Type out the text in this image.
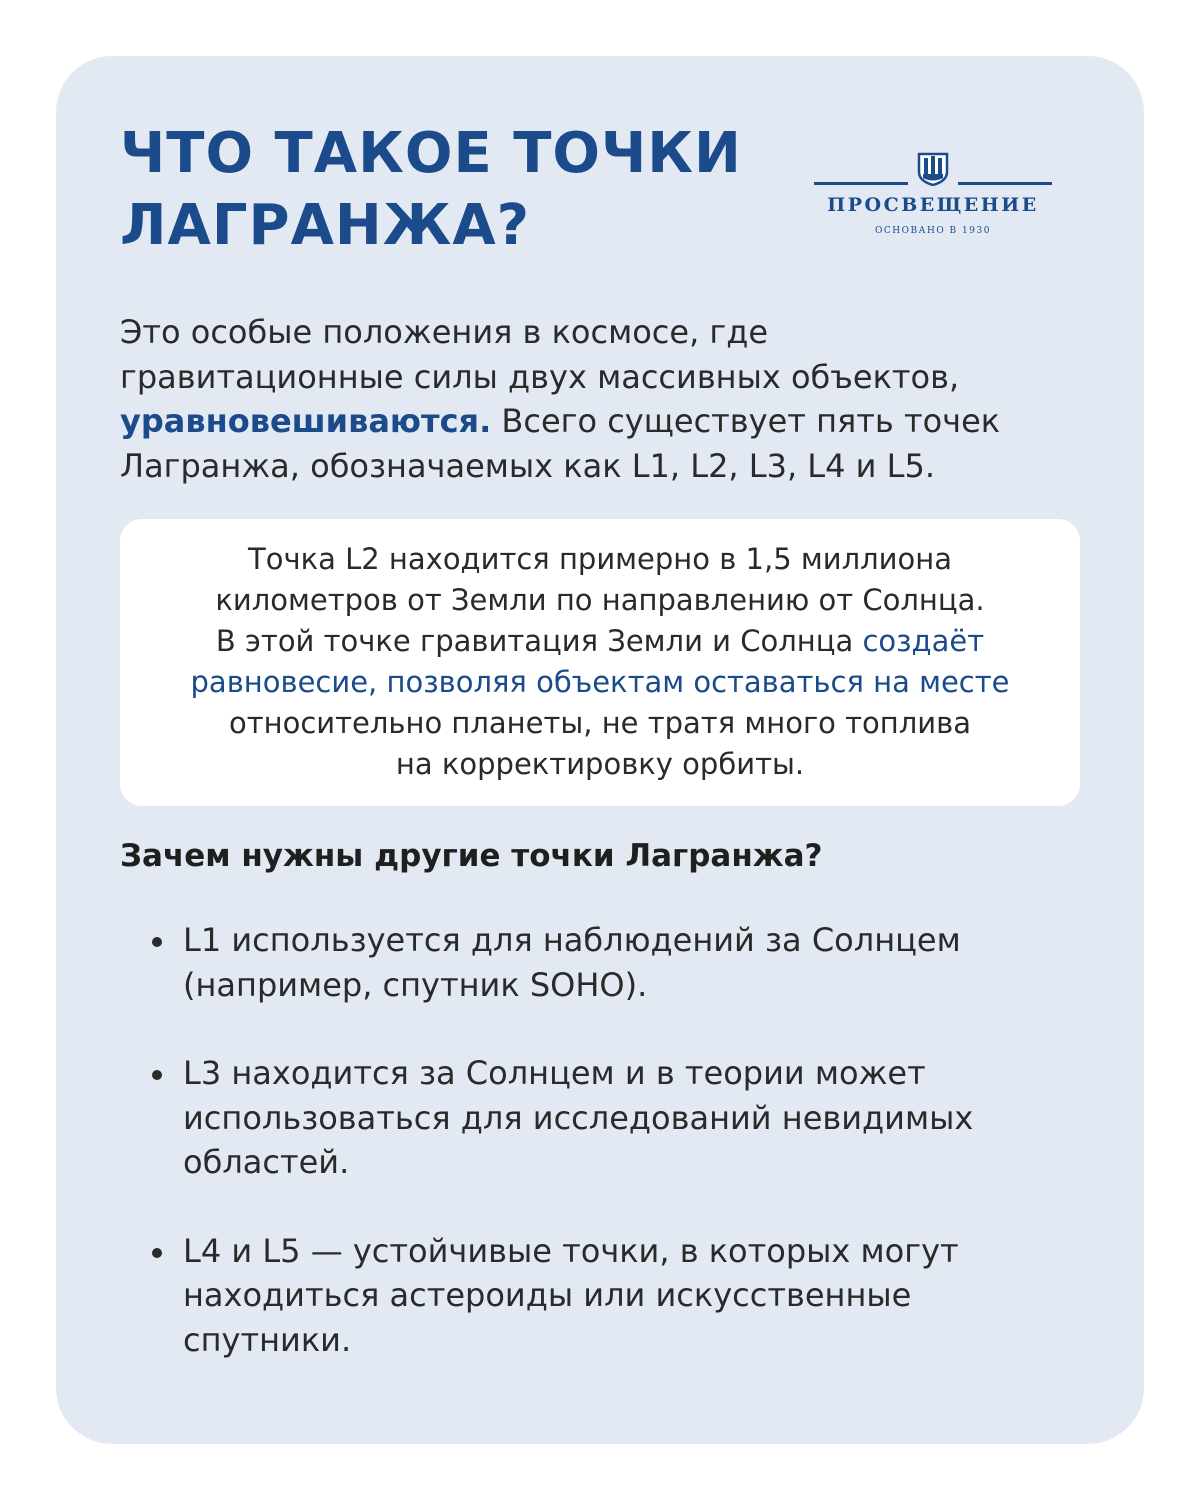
ЧТО ТАКОЕ ТОЧКИ
ЛАГРАНЖА?	ПРОСВЕЩЕНИЕ
ОСНОВАНО В 1930

Это особые положения в космосе, где
гравитационные силы двух массивных объектов,
уравновешиваются. Всего существует пять точек
Лагранжа, обозначаемых как L1, L2, L3, L4 и L5.

Точка L2 находится примерно в 1,5 миллиона
километров от Земли по направлению от Солнца.
В этой точке гравитация Земли и Солнца создаёт
равновесие, позволяя объектам оставаться на месте
относительно планеты, не тратя много топлива
на корректировку орбиты.
Зачем нужны другие точки Лагранжа?
L1 используется для наблюдений за Солнцем
(например, спутник SOHO).
L3 находится за Солнцем и в теории может
использоваться для исследований невидимых
областей.
L4 и L5 — устойчивые точки, в которых могут
находиться астероиды или искусственные
спутники.
